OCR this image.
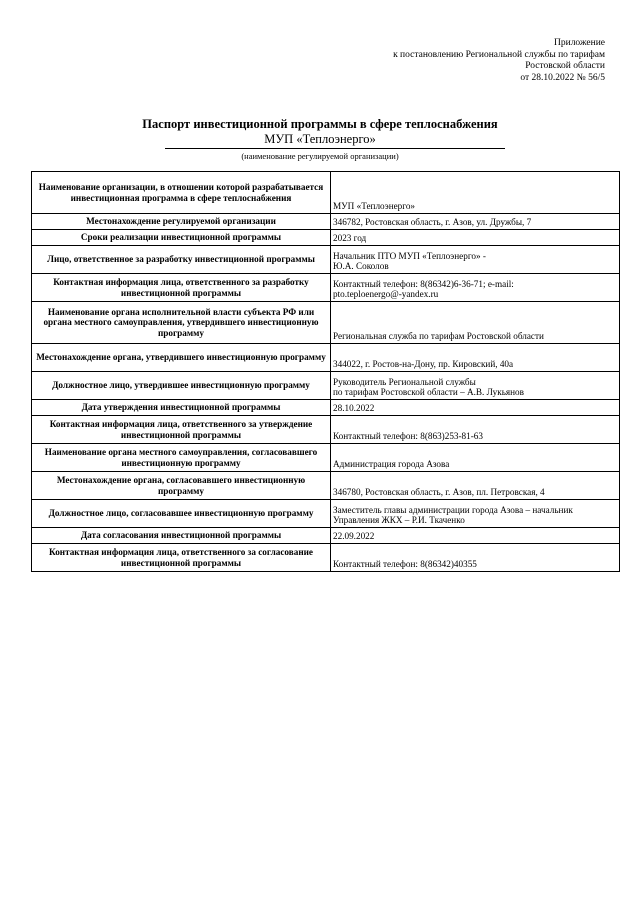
Приложение
к постановлению Региональной службы по тарифам
Ростовской области
от 28.10.2022 № 56/5
Паспорт инвестиционной программы в сфере теплоснабжения
МУП «Теплоэнерго»
(наименование регулируемой организации)
Наименование организации, в отношении которой разрабатывается инвестиционная программа в сфере теплоснабжения	МУП «Теплоэнерго»
Местонахождение регулируемой организации	346782, Ростовская область, г. Азов, ул. Дружбы, 7
Сроки реализации инвестиционной программы	2023 год
Лицо, ответственное за разработку инвестиционной программы	Начальник ПТО МУП «Теплоэнерго» -
Ю.А. Соколов
Контактная информация лица, ответственного за разработку инвестиционной программы	Контактный телефон: 8(86342)6-36-71; e-mail:
pto.teploenergo@-yandex.ru
Наименование органа исполнительной власти субъекта РФ или органа местного самоуправления, утвердившего инвестиционную программу	Региональная служба по тарифам Ростовской области
Местонахождение органа, утвердившего инвестиционную программу	344022, г. Ростов-на-Дону, пр. Кировский, 40а
Должностное лицо, утвердившее инвестиционную программу	Руководитель Региональной службы
по тарифам Ростовской области – А.В. Лукьянов
Дата утверждения инвестиционной программы	28.10.2022
Контактная информация лица, ответственного за утверждение инвестиционной программы	Контактный телефон: 8(863)253-81-63
Наименование органа местного самоуправления, согласовавшего инвестиционную программу	Администрация города Азова
Местонахождение органа, согласовавшего инвестиционную программу	346780, Ростовская область, г. Азов, пл. Петровская, 4
Должностное лицо, согласовавшее инвестиционную программу	Заместитель главы администрации города Азова – начальник Управления ЖКХ – Р.И. Ткаченко
Дата согласования инвестиционной программы	22.09.2022
Контактная информация лица, ответственного за согласование инвестиционной программы	Контактный телефон: 8(86342)40355
